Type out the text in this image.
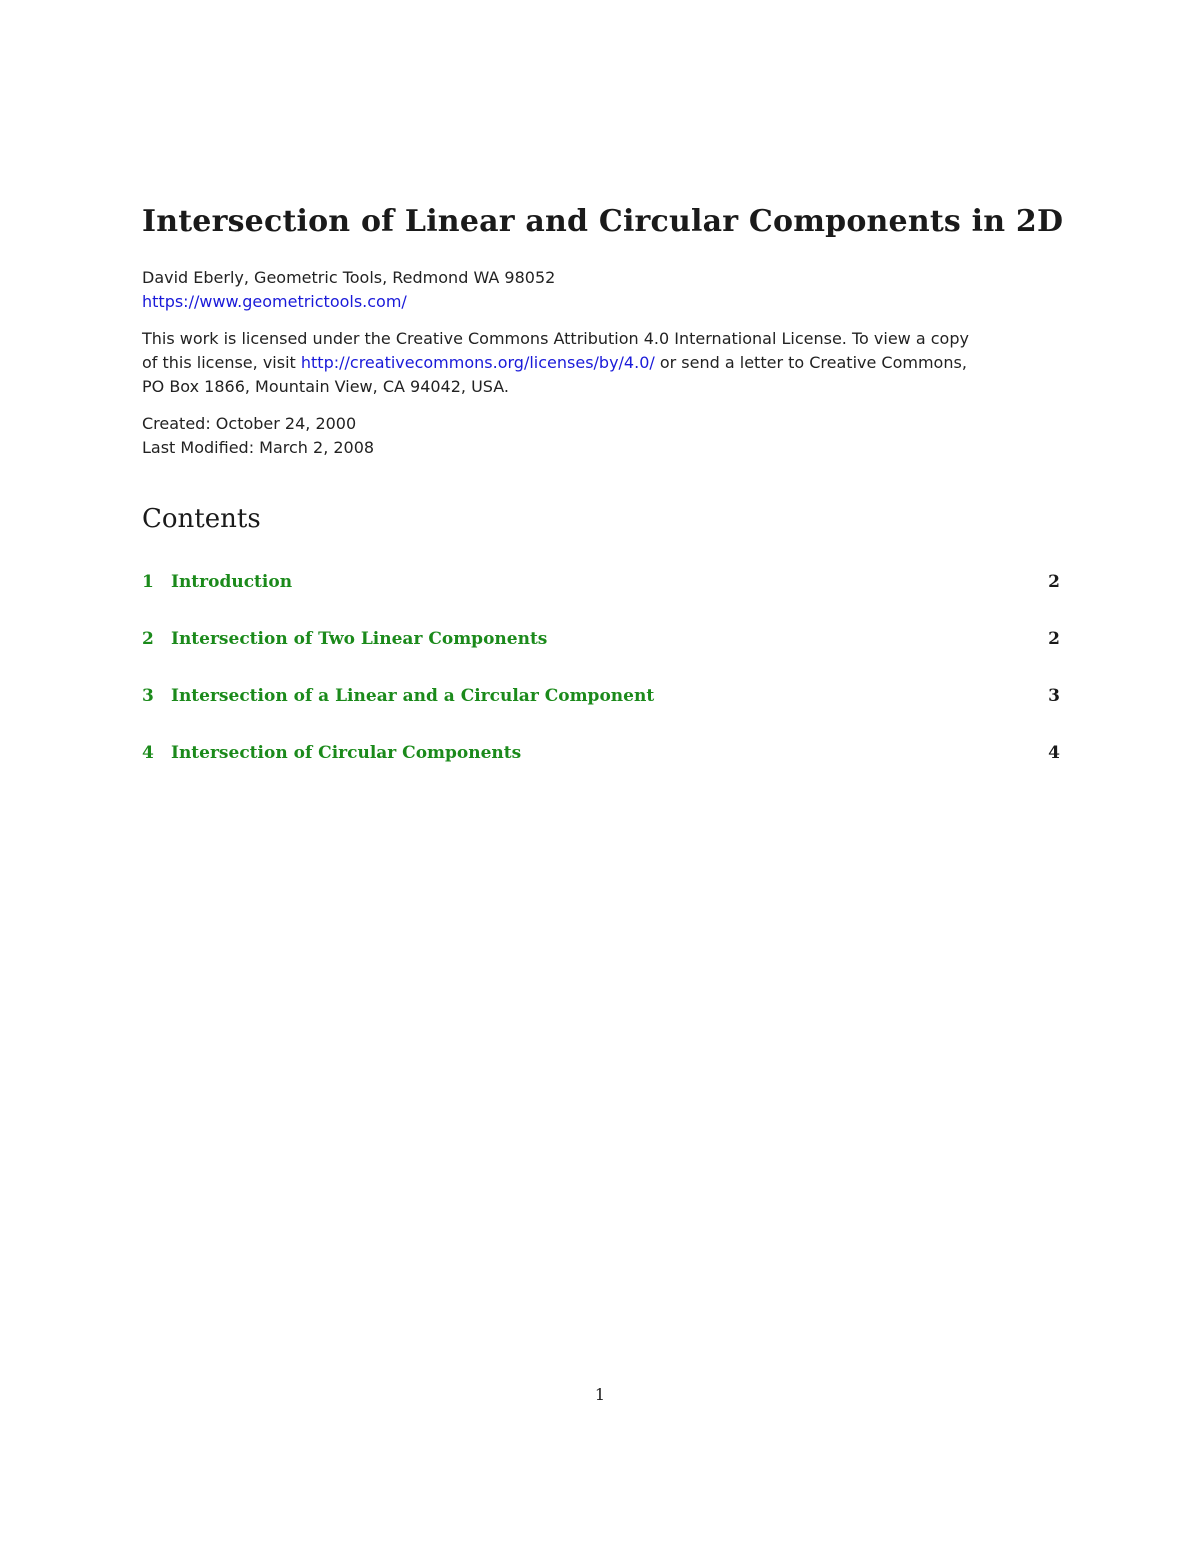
Intersection of Linear and Circular Components in 2D
David Eberly, Geometric Tools, Redmond WA 98052
https://www.geometrictools.com/
This work is licensed under the Creative Commons Attribution 4.0 International License. To view a copy
of this license, visit http://creativecommons.org/licenses/by/4.0/ or send a letter to Creative Commons,
PO Box 1866, Mountain View, CA 94042, USA.
Created: October 24, 2000
Last Modified: March 2, 2008
Contents
1 Introduction	2
2 Intersection of Two Linear Components	2
3 Intersection of a Linear and a Circular Component	3
4 Intersection of Circular Components	4
1
